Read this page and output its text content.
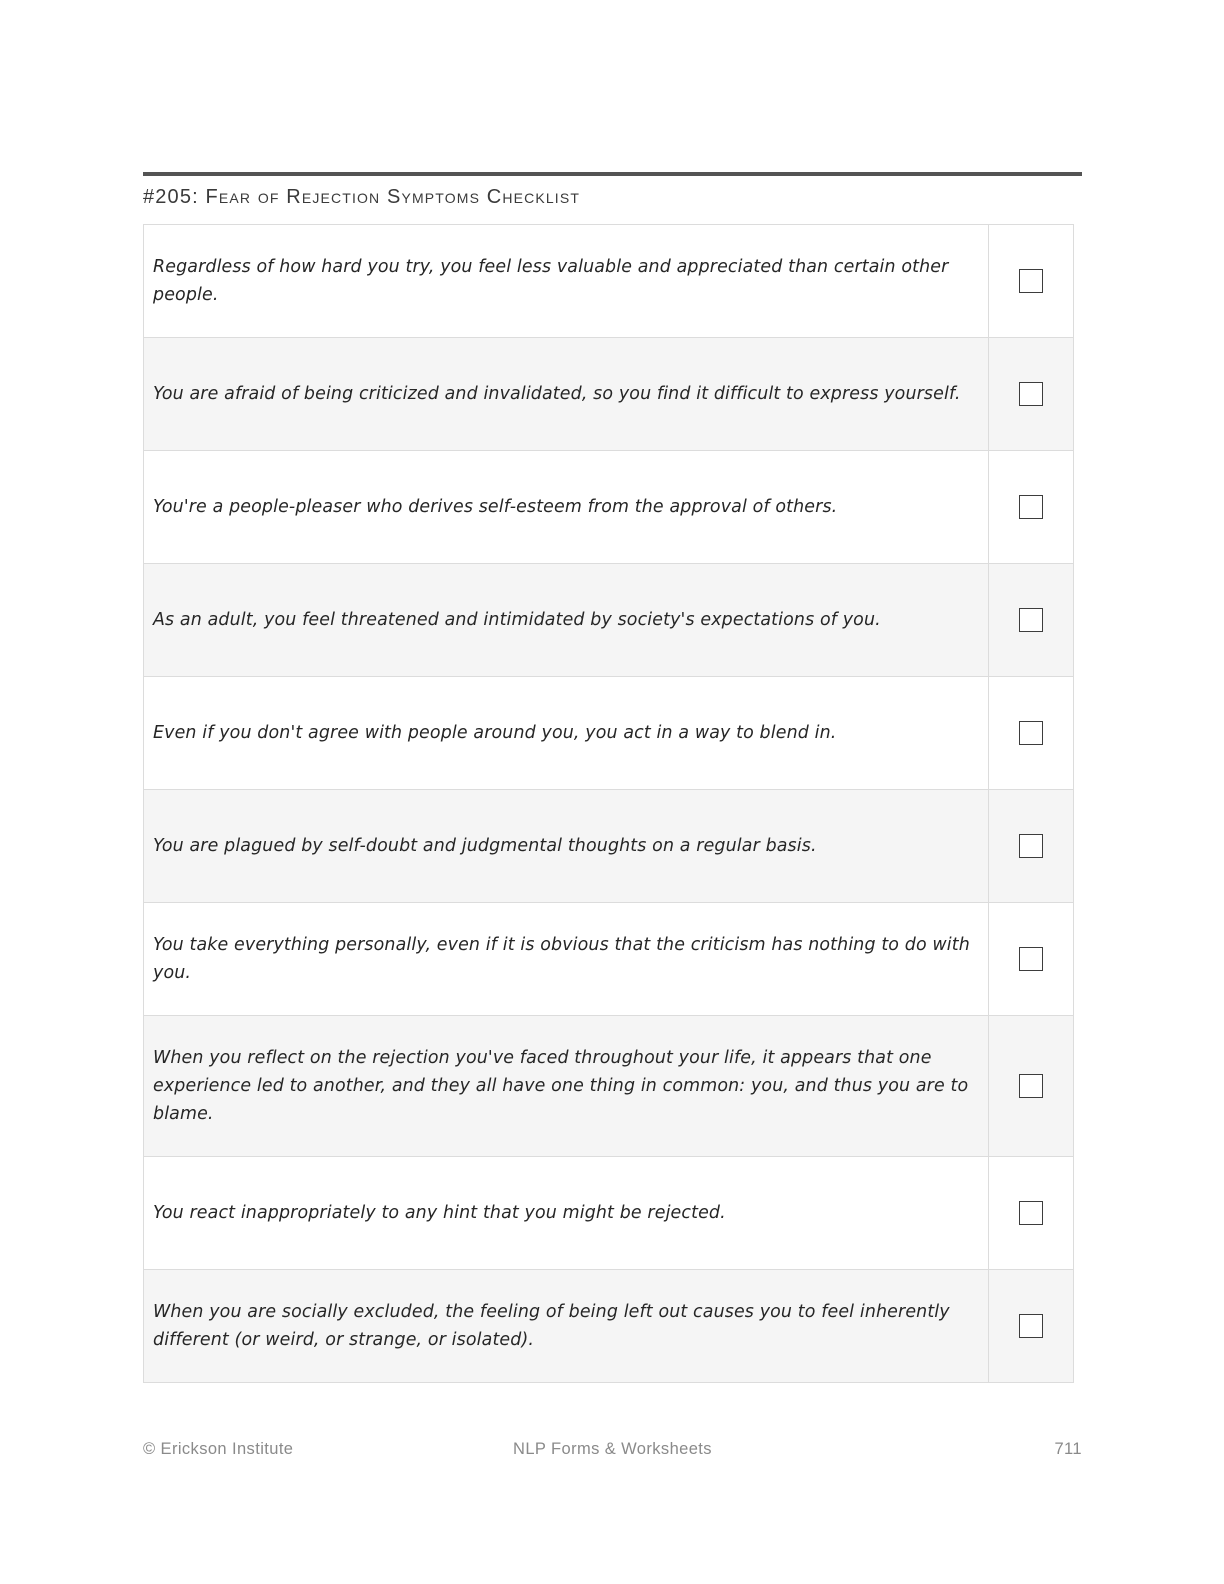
#205: Fear of Rejection Symptoms Checklist
Regardless of how hard you try, you feel less valuable and appreciated than certain other people.	

You are afraid of being criticized and invalidated, so you find it difficult to express yourself.	

You're a people-pleaser who derives self-esteem from the approval of others.	

As an adult, you feel threatened and intimidated by society's expectations of you.	

Even if you don't agree with people around you, you act in a way to blend in.	

You are plagued by self-doubt and judgmental thoughts on a regular basis.	

You take everything personally, even if it is obvious that the criticism has nothing to do with you.	

When you reflect on the rejection you've faced throughout your life, it appears that one experience led to another, and they all have one thing in common: you, and thus you are to blame.	

You react inappropriately to any hint that you might be rejected.	

When you are socially excluded, the feeling of being left out causes you to feel inherently different (or weird, or strange, or isolated).	

© Erickson Institute	NLP Forms & Worksheets	711
